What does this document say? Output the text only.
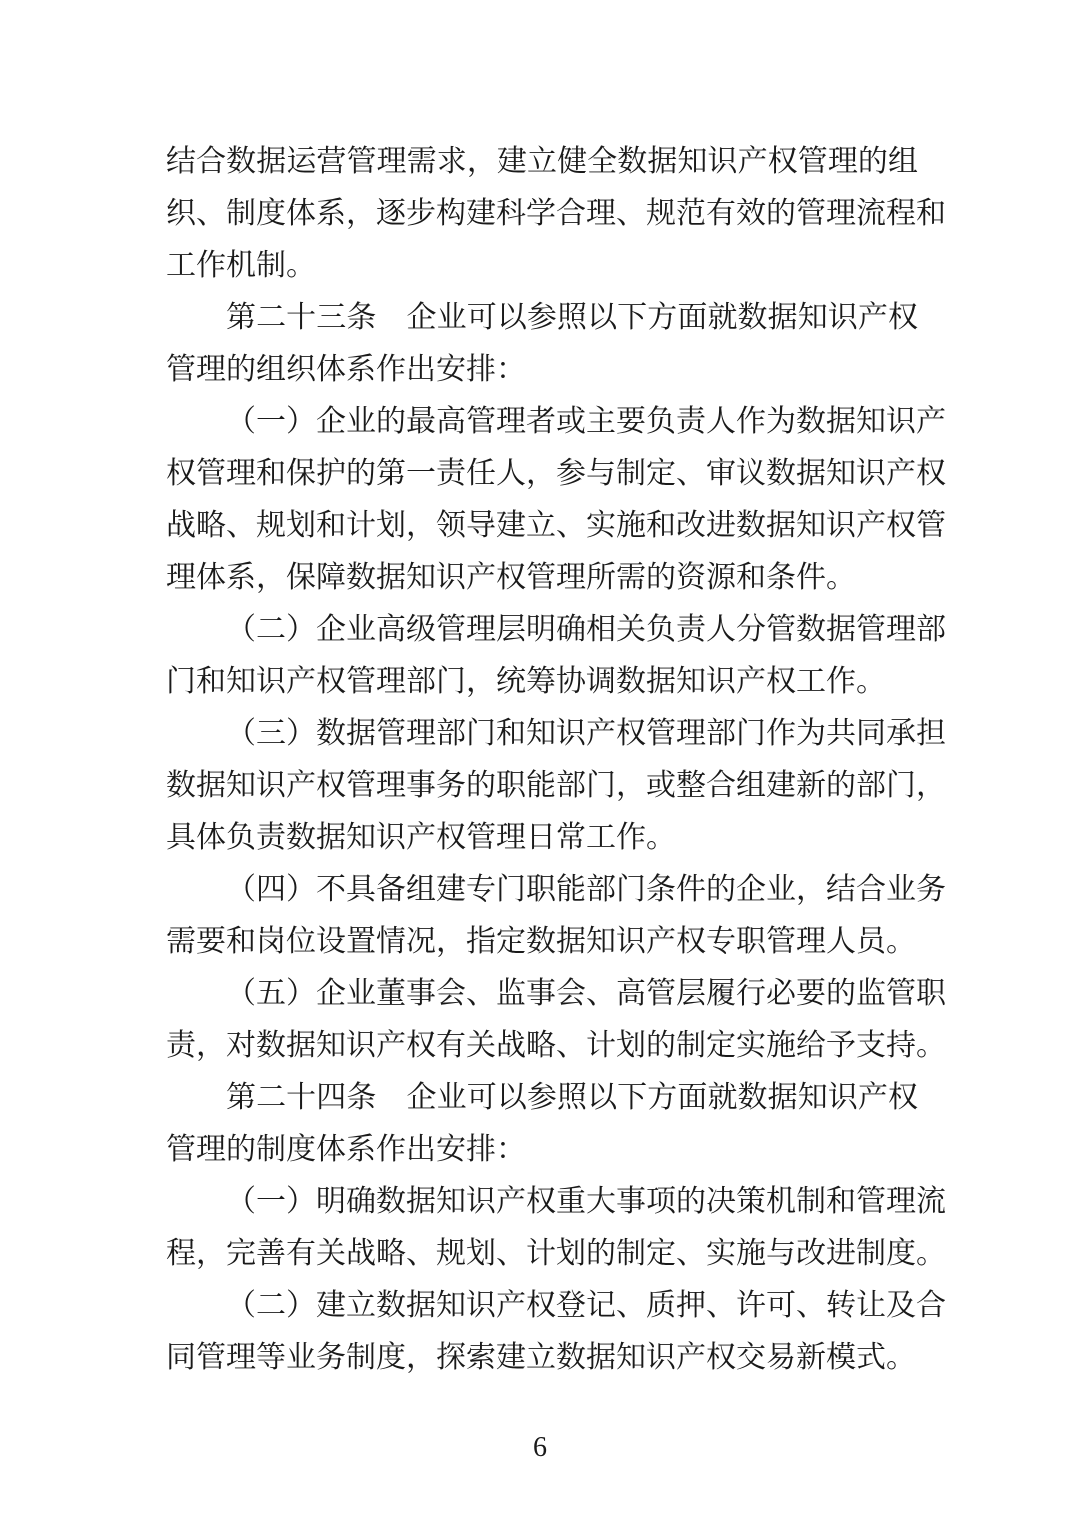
结合数据运营管理需求，建立健全数据知识产权管理的组
织、制度体系，逐步构建科学合理、规范有效的管理流程和
工作机制。
第二十三条　企业可以参照以下方面就数据知识产权
管理的组织体系作出安排：
（一）企业的最高管理者或主要负责人作为数据知识产
权管理和保护的第一责任人，参与制定、审议数据知识产权
战略、规划和计划，领导建立、实施和改进数据知识产权管
理体系，保障数据知识产权管理所需的资源和条件。
（二）企业高级管理层明确相关负责人分管数据管理部
门和知识产权管理部门，统筹协调数据知识产权工作。
（三）数据管理部门和知识产权管理部门作为共同承担
数据知识产权管理事务的职能部门，或整合组建新的部门，
具体负责数据知识产权管理日常工作。
（四）不具备组建专门职能部门条件的企业，结合业务
需要和岗位设置情况，指定数据知识产权专职管理人员。
（五）企业董事会、监事会、高管层履行必要的监管职
责，对数据知识产权有关战略、计划的制定实施给予支持。
第二十四条　企业可以参照以下方面就数据知识产权
管理的制度体系作出安排：
（一）明确数据知识产权重大事项的决策机制和管理流
程，完善有关战略、规划、计划的制定、实施与改进制度。
（二）建立数据知识产权登记、质押、许可、转让及合
同管理等业务制度，探索建立数据知识产权交易新模式。
6
